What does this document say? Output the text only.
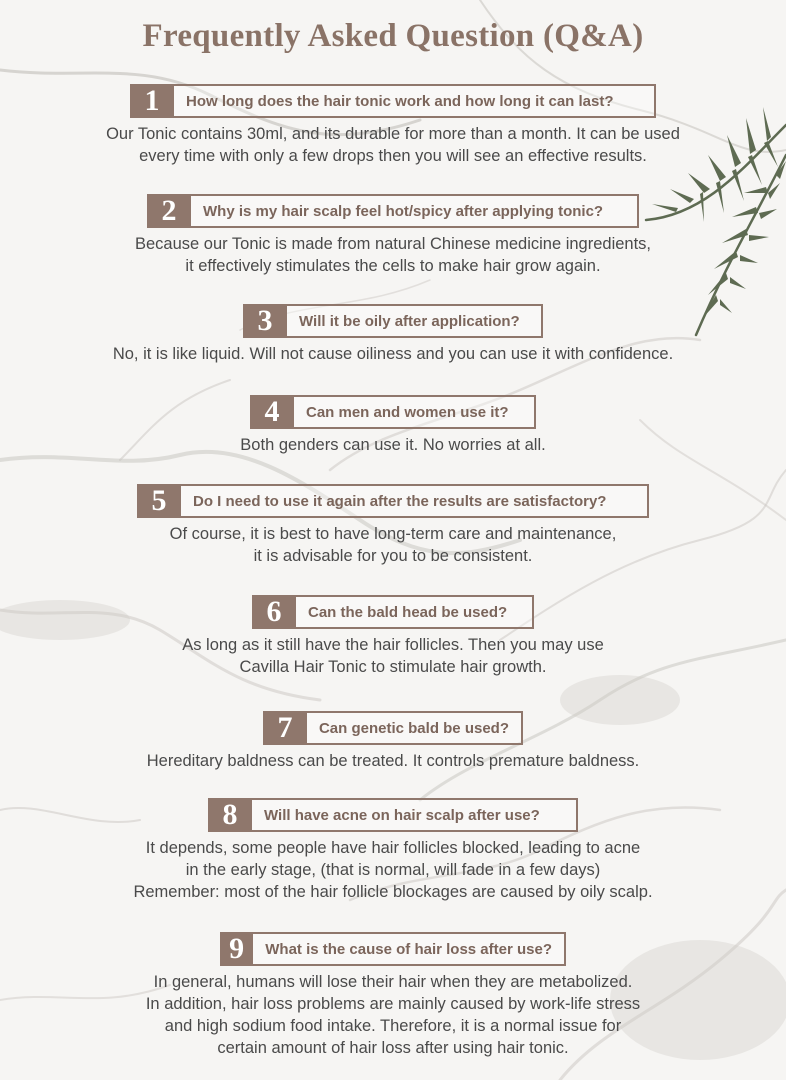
Frequently Asked Question (Q&A)
1	How long does the hair tonic work and how long it can last?
Our Tonic contains 30ml, and its durable for more than a month. It can be used
every time with only a few drops then you will see an effective results.
2	Why is my hair scalp feel hot/spicy after applying tonic?
Because our Tonic is made from natural Chinese medicine ingredients,
it effectively stimulates the cells to make hair grow again.
3	Will it be oily after application?
No, it is like liquid. Will not cause oiliness and you can use it with confidence.
4	Can men and women use it?
Both genders can use it. No worries at all.
5	Do I need to use it again after the results are satisfactory?
Of course, it is best to have long-term care and maintenance,
it is advisable for you to be consistent.
6	Can the bald head be used?
As long as it still have the hair follicles. Then you may use
Cavilla Hair Tonic to stimulate hair growth.
7	Can genetic bald be used?
Hereditary baldness can be treated. It controls premature baldness.
8	Will have acne on hair scalp after use?
It depends, some people have hair follicles blocked, leading to acne
in the early stage, (that is normal, will fade in a few days)
Remember: most of the hair follicle blockages are caused by oily scalp.
9	What is the cause of hair loss after use?
In general, humans will lose their hair when they are metabolized.
In addition, hair loss problems are mainly caused by work-life stress
and high sodium food intake. Therefore, it is a normal issue for
certain amount of hair loss after using hair tonic.
